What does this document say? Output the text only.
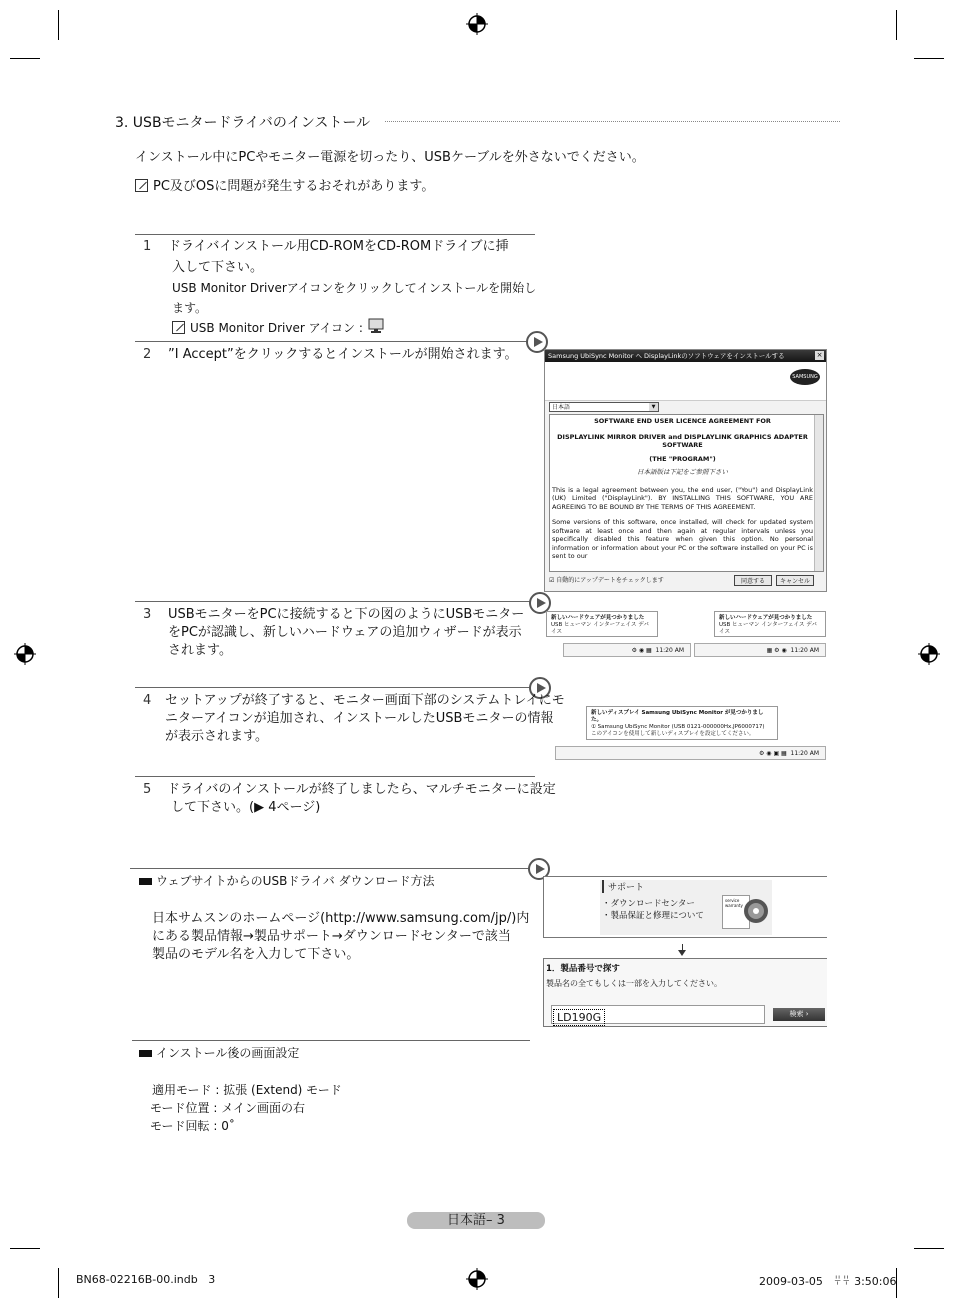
3. USBモニタードライバのインストール
インストール中にPCやモニター電源を切ったり、USBケーブルを外さないでください。
PC及びOSに問題が発生するおそれがあります。
1 ドライバインストール用CD-ROMをCD-ROMドライブに挿
入して下さい。
USB Monitor Driverアイコンをクリックしてインストールを開始し
ます。
USB Monitor Driver アイコン :
2 ”I Accept”をクリックするとインストールが開始されます。	Samsung UbiSync Monitor へ DisplayLinkのソフトウェアをインストールする	×
SAMSUNG
日本語 ▼
SOFTWARE END USER LICENCE AGREEMENT FOR
DISPLAYLINK MIRROR DRIVER and DISPLAYLINK GRAPHICS ADAPTER SOFTWARE
(THE "PROGRAM")
日本語版は下記をご参照下さい

This is a legal agreement between you, the end user, ("You") and DisplayLink (UK) Limited ("DisplayLink"). BY INSTALLING THIS SOFTWARE, YOU ARE AGREEING TO BE BOUND BY THE TERMS OF THIS AGREEMENT.

Some versions of this software, once installed, will check for updated system software at least once and then again at regular intervals unless you specifically disabled this feature when given this option. No personal information or information about your PC or the software installed on your PC is sent to our

☑ 自動的にアップデートをチェックします	同意する	キャンセル
3 USBモニターをPCに接続すると下の図のようにUSBモニター
をPCが認識し、新しいハードウェアの追加ウィザードが表示
されます。
新しいハードウェアが見つかりました
USB ヒューマン インターフェイス デバイス
⚙ ◉ ▦  11:20 AM
新しいハードウェアが見つかりました
USB ヒューマン インターフェイス デバイス
▦ ⚙ ◉  11:20 AM
4 セットアップが終了すると、モニター画面下部のシステムトレイにモ
ニターアイコンが追加され、インストールしたUSBモニターの情報
が表示されます。
新しいディスプレイ Samsung UbiSync Monitor が見つかりました。
① Samsung UbiSync Monitor (USB 0121-000000Hx.JP6000717)
このアイコンを使用して新しいディスプレイを設定してください。
⚙ ◉ ▣ ▦  11:20 AM
5 ドライバのインストールが終了しましたら、マルチモニターに設定
して下さい。(▶ 4ページ)
ウェブサイトからのUSBドライバ ダウンロード方法
日本サムスンのホームページ(http://www.samsung.com/jp/)内
にある製品情報→製品サポート→ダウンロードセンターで該当
製品のモデル名を入力して下さい。
サポート
・ダウンロードセンター
・製品保証と修理について
service warranty
1．製品番号で探す
製品名の全てもしくは一部を入力してください。
LD190G	検索 ›
インストール後の画面設定
適用モード : 拡張 (Extend) モード
モード位置 : メイン画面の右
モード回転 : 0˚
日本語– 3
BN68-02216B-00.indb   3	2009-03-05   ꇭꇭ 3:50:06
